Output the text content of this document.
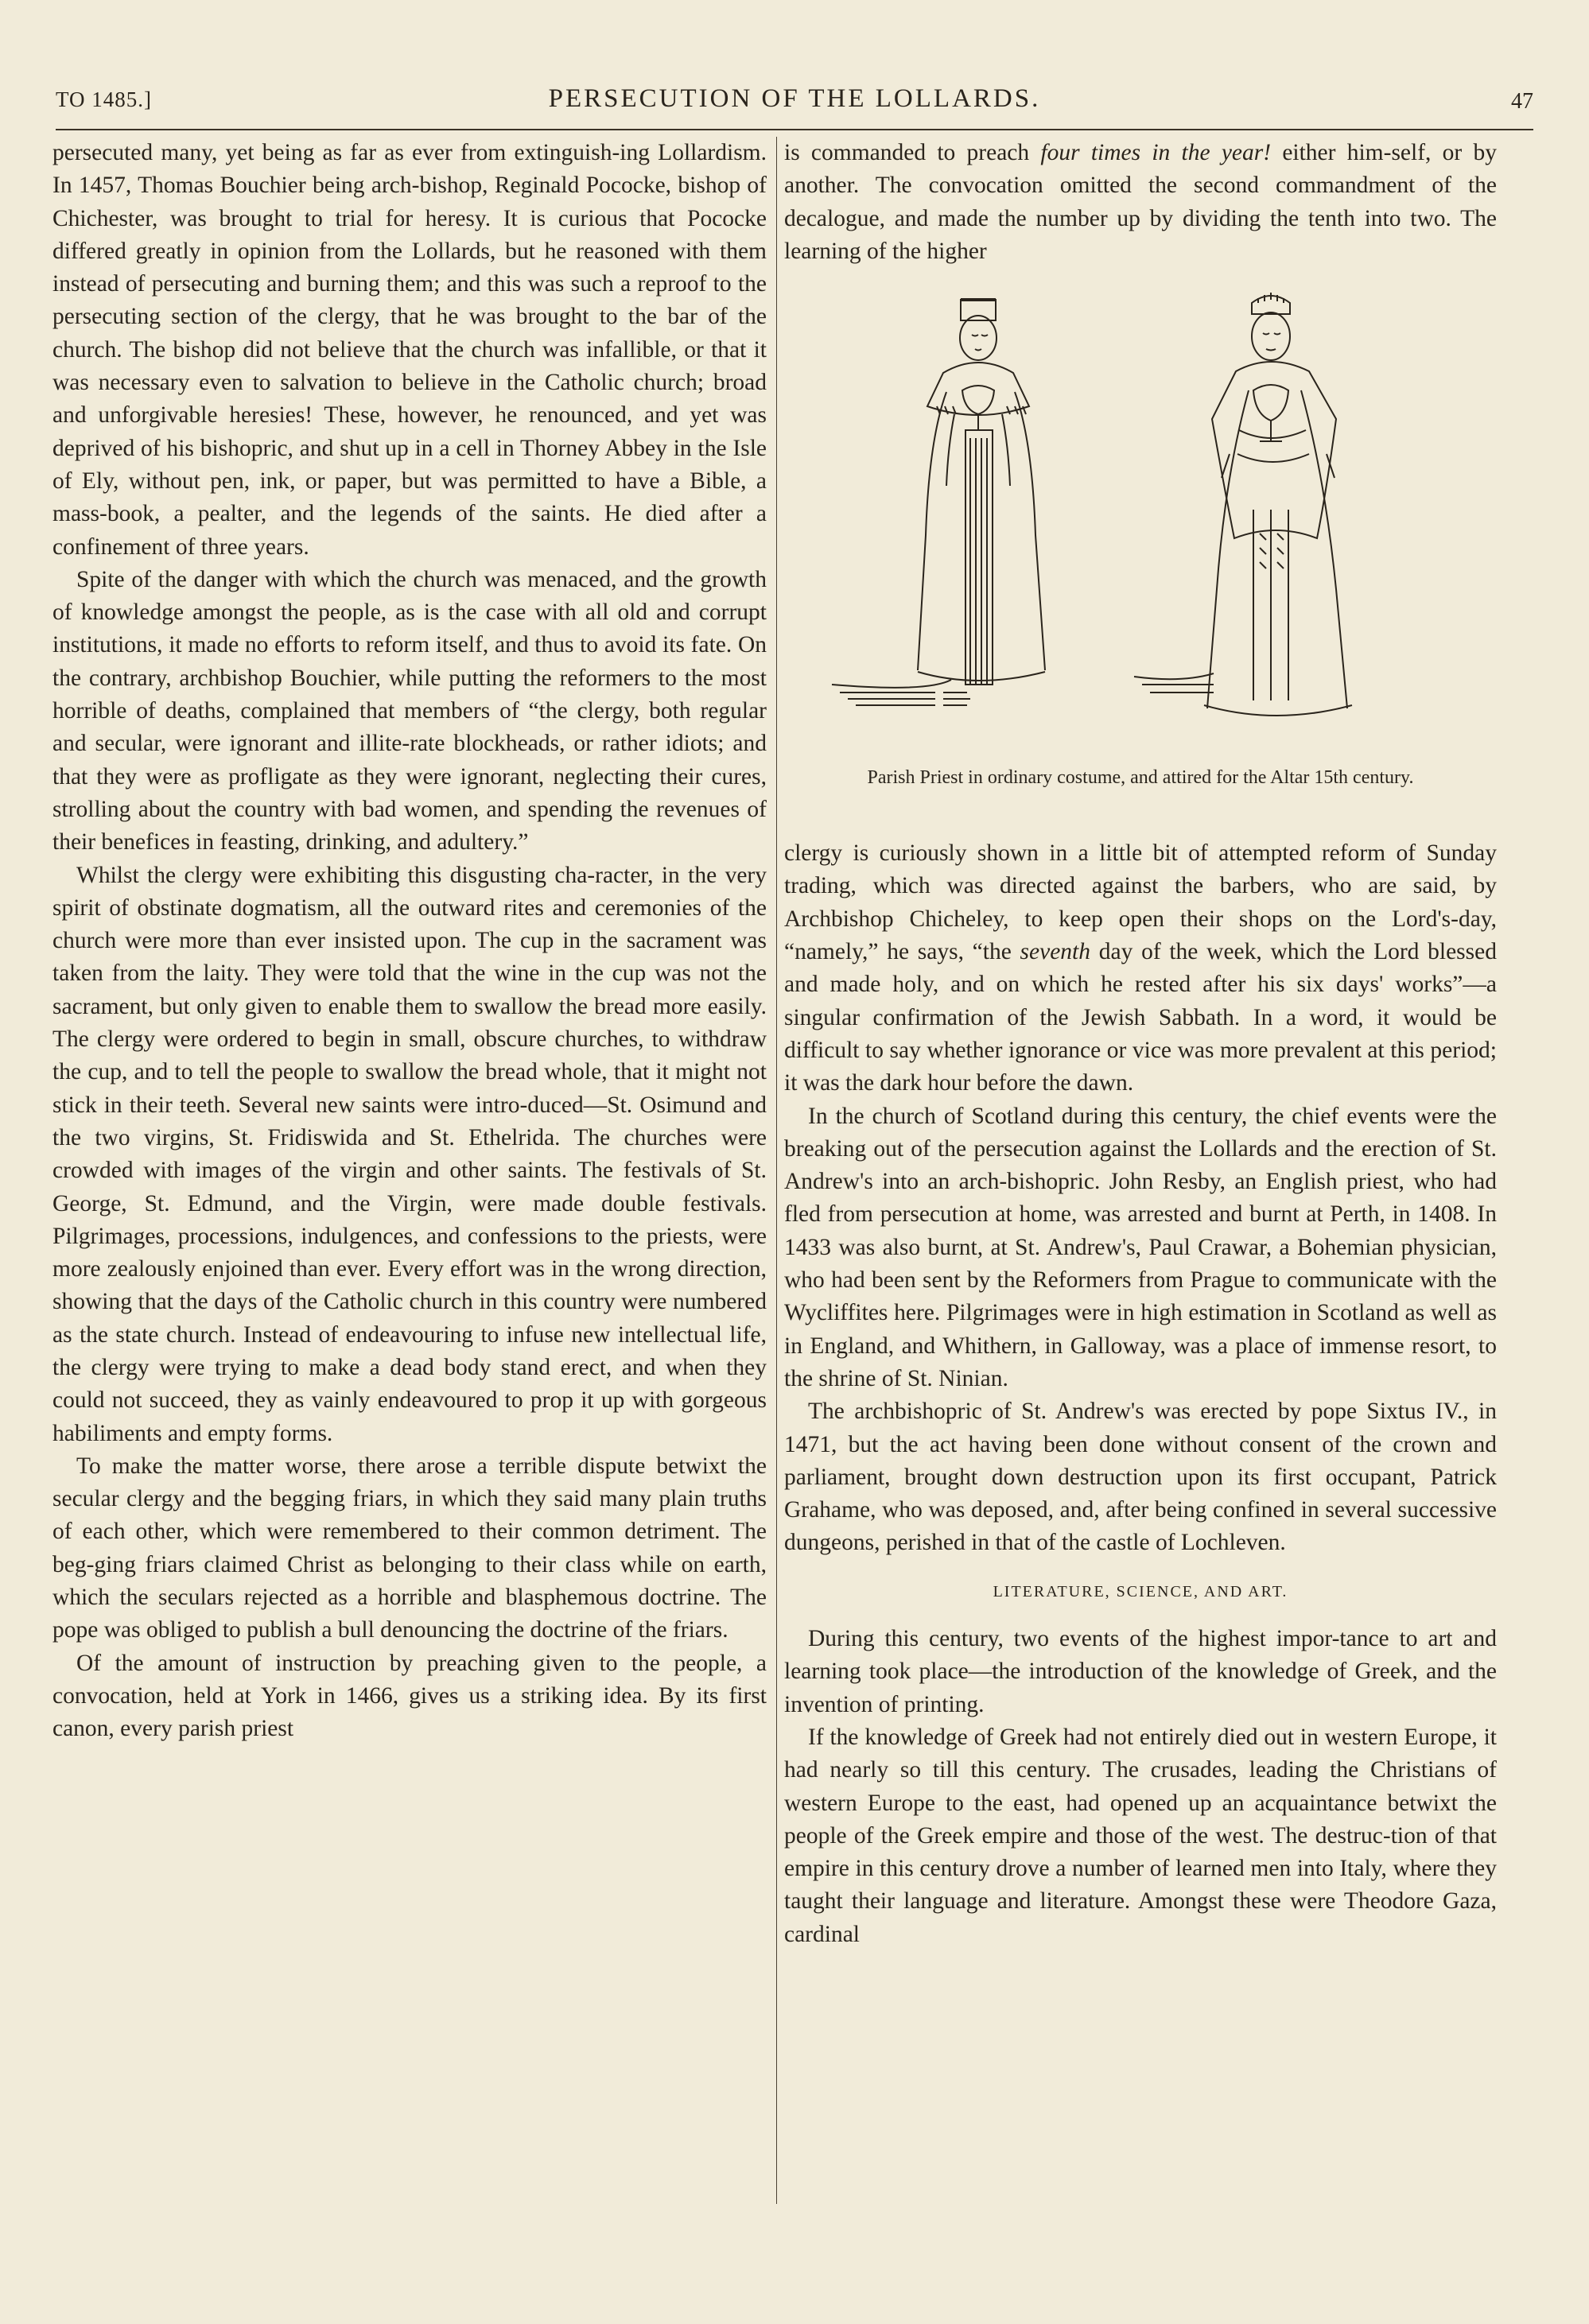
TO 1485.]	PERSECUTION OF THE LOLLARDS.	47

persecuted many, yet being as far as ever from extinguish-ing Lollardism. In 1457, Thomas Bouchier being arch-bishop, Reginald Pococke, bishop of Chichester, was brought to trial for heresy. It is curious that Pococke differed greatly in opinion from the Lollards, but he reasoned with them instead of persecuting and burning them; and this was such a reproof to the persecuting section of the clergy, that he was brought to the bar of the church. The bishop did not believe that the church was infallible, or that it was necessary even to salvation to believe in the Catholic church; broad and unforgivable heresies! These, however, he renounced, and yet was deprived of his bishopric, and shut up in a cell in Thorney Abbey in the Isle of Ely, without pen, ink, or paper, but was permitted to have a Bible, a mass-book, a pealter, and the legends of the saints. He died after a confinement of three years.

Spite of the danger with which the church was menaced, and the growth of knowledge amongst the people, as is the case with all old and corrupt institutions, it made no efforts to reform itself, and thus to avoid its fate. On the contrary, archbishop Bouchier, while putting the reformers to the most horrible of deaths, complained that members of “the clergy, both regular and secular, were ignorant and illite-rate blockheads, or rather idiots; and that they were as profligate as they were ignorant, neglecting their cures, strolling about the country with bad women, and spending the revenues of their benefices in feasting, drinking, and adultery.”

Whilst the clergy were exhibiting this disgusting cha-racter, in the very spirit of obstinate dogmatism, all the outward rites and ceremonies of the church were more than ever insisted upon. The cup in the sacrament was taken from the laity. They were told that the wine in the cup was not the sacrament, but only given to enable them to swallow the bread more easily. The clergy were ordered to begin in small, obscure churches, to withdraw the cup, and to tell the people to swallow the bread whole, that it might not stick in their teeth. Several new saints were intro-duced—St. Osimund and the two virgins, St. Fridiswida and St. Ethelrida. The churches were crowded with images of the virgin and other saints. The festivals of St. George, St. Edmund, and the Virgin, were made double festivals. Pilgrimages, processions, indulgences, and confessions to the priests, were more zealously enjoined than ever. Every effort was in the wrong direction, showing that the days of the Catholic church in this country were numbered as the state church. Instead of endeavouring to infuse new intellectual life, the clergy were trying to make a dead body stand erect, and when they could not succeed, they as vainly endeavoured to prop it up with gorgeous habiliments and empty forms.

To make the matter worse, there arose a terrible dispute betwixt the secular clergy and the begging friars, in which they said many plain truths of each other, which were remembered to their common detriment. The beg-ging friars claimed Christ as belonging to their class while on earth, which the seculars rejected as a horrible and blasphemous doctrine. The pope was obliged to publish a bull denouncing the doctrine of the friars.

Of the amount of instruction by preaching given to the people, a convocation, held at York in 1466, gives us a striking idea. By its first canon, every parish priest

is commanded to preach four times in the year! either him-self, or by another. The convocation omitted the second commandment of the decalogue, and made the number up by dividing the tenth into two. The learning of the higher

Parish Priest in ordinary costume, and attired for the Altar 15th century.

clergy is curiously shown in a little bit of attempted reform of Sunday trading, which was directed against the barbers, who are said, by Archbishop Chicheley, to keep open their shops on the Lord's-day, “namely,” he says, “the seventh day of the week, which the Lord blessed and made holy, and on which he rested after his six days' works”—a singular confirmation of the Jewish Sabbath. In a word, it would be difficult to say whether ignorance or vice was more prevalent at this period; it was the dark hour before the dawn.

In the church of Scotland during this century, the chief events were the breaking out of the persecution against the Lollards and the erection of St. Andrew's into an arch-bishopric. John Resby, an English priest, who had fled from persecution at home, was arrested and burnt at Perth, in 1408. In 1433 was also burnt, at St. Andrew's, Paul Crawar, a Bohemian physician, who had been sent by the Reformers from Prague to communicate with the Wycliffites here. Pilgrimages were in high estimation in Scotland as well as in England, and Whithern, in Galloway, was a place of immense resort, to the shrine of St. Ninian.

The archbishopric of St. Andrew's was erected by pope Sixtus IV., in 1471, but the act having been done without consent of the crown and parliament, brought down destruction upon its first occupant, Patrick Grahame, who was deposed, and, after being confined in several successive dungeons, perished in that of the castle of Lochleven.

LITERATURE, SCIENCE, AND ART.

During this century, two events of the highest impor-tance to art and learning took place—the introduction of the knowledge of Greek, and the invention of printing.

If the knowledge of Greek had not entirely died out in western Europe, it had nearly so till this century. The crusades, leading the Christians of western Europe to the east, had opened up an acquaintance betwixt the people of the Greek empire and those of the west. The destruc-tion of that empire in this century drove a number of learned men into Italy, where they taught their language and literature. Amongst these were Theodore Gaza, cardinal
